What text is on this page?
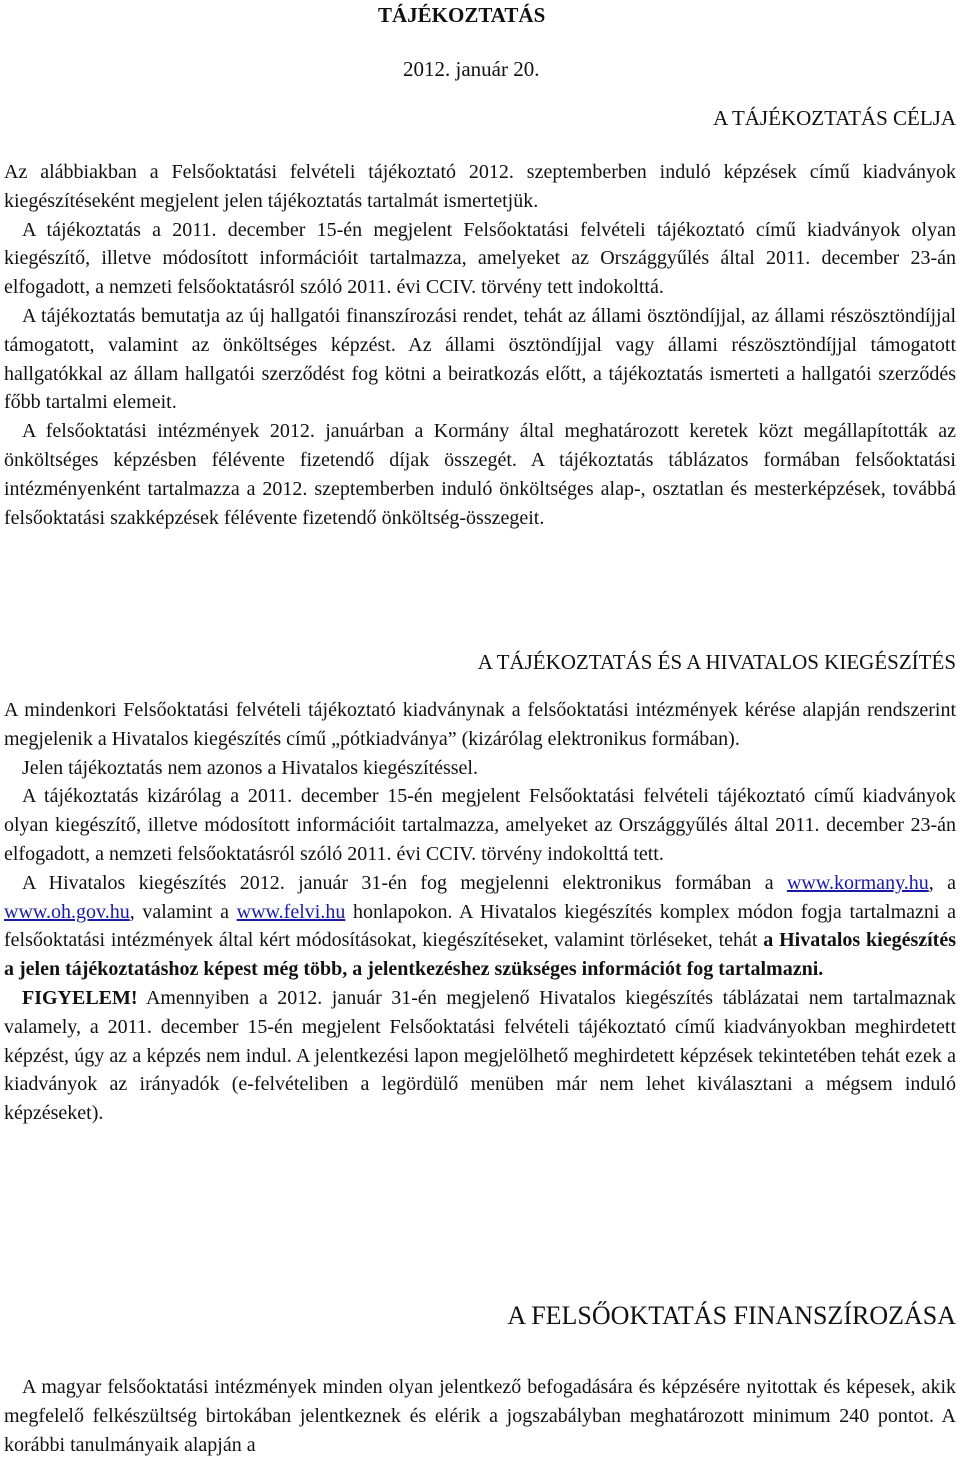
TÁJÉKOZTATÁS
2012. január 20.

A TÁJÉKOZTATÁS CÉLJA

Az alábbiakban a Felsőoktatási felvételi tájékoztató 2012. szeptemberben induló képzések című kiadványok kiegészítéseként megjelent jelen tájékoztatás tartalmát ismertetjük.

A tájékoztatás a 2011. december 15-én megjelent Felsőoktatási felvételi tájékoztató című kiadványok olyan kiegészítő, illetve módosított információit tartalmazza, amelyeket az Országgyűlés által 2011. december 23-án elfogadott, a nemzeti felsőoktatásról szóló 2011. évi CCIV. törvény tett indokolttá.

A tájékoztatás bemutatja az új hallgatói finanszírozási rendet, tehát az állami ösztöndíjjal, az állami részösztöndíjjal támogatott, valamint az önköltséges képzést. Az állami ösztöndíjjal vagy állami részösztöndíjjal támogatott hallgatókkal az állam hallgatói szerződést fog kötni a beiratkozás előtt, a tájékoztatás ismerteti a hallgatói szerződés főbb tartalmi elemeit.

A felsőoktatási intézmények 2012. januárban a Kormány által meghatározott keretek közt megállapították az önköltséges képzésben félévente fizetendő díjak összegét. A tájékoztatás táblázatos formában felsőoktatási intézményenként tartalmazza a 2012. szeptemberben induló önköltséges alap-, osztatlan és mesterképzések, továbbá felsőoktatási szakképzések félévente fizetendő önköltség-összegeit.

A TÁJÉKOZTATÁS ÉS A HIVATALOS KIEGÉSZÍTÉS

A mindenkori Felsőoktatási felvételi tájékoztató kiadványnak a felsőoktatási intézmények kérése alapján rendszerint megjelenik a Hivatalos kiegészítés című „pótkiadványa” (kizárólag elektronikus formában).

Jelen tájékoztatás nem azonos a Hivatalos kiegészítéssel.

A tájékoztatás kizárólag a 2011. december 15-én megjelent Felsőoktatási felvételi tájékoztató című kiadványok olyan kiegészítő, illetve módosított információit tartalmazza, amelyeket az Országgyűlés által 2011. december 23-án elfogadott, a nemzeti felsőoktatásról szóló 2011. évi CCIV. törvény indokolttá tett.

A Hivatalos kiegészítés 2012. január 31-én fog megjelenni elektronikus formában a www.kormany.hu, a www.oh.gov.hu, valamint a www.felvi.hu honlapokon. A Hivatalos kiegészítés komplex módon fogja tartalmazni a felsőoktatási intézmények által kért módosításokat, kiegészítéseket, valamint törléseket, tehát a Hivatalos kiegészítés a jelen tájékoztatáshoz képest még több, a jelentkezéshez szükséges információt fog tartalmazni.

FIGYELEM! Amennyiben a 2012. január 31-én megjelenő Hivatalos kiegészítés táblázatai nem tartalmaznak valamely, a 2011. december 15-én megjelent Felsőoktatási felvételi tájékoztató című kiadványokban meghirdetett képzést, úgy az a képzés nem indul. A jelentkezési lapon megjelölhető meghirdetett képzések tekintetében tehát ezek a kiadványok az irányadók (e-felvételiben a legördülő menüben már nem lehet kiválasztani a mégsem induló képzéseket).

A FELSŐOKTATÁS FINANSZÍROZÁSA

A magyar felsőoktatási intézmények minden olyan jelentkező befogadására és képzésére nyitottak és képesek, akik megfelelő felkészültség birtokában jelentkeznek és elérik a jogszabályban meghatározott minimum 240 pontot. A korábbi tanulmányaik alapján a
